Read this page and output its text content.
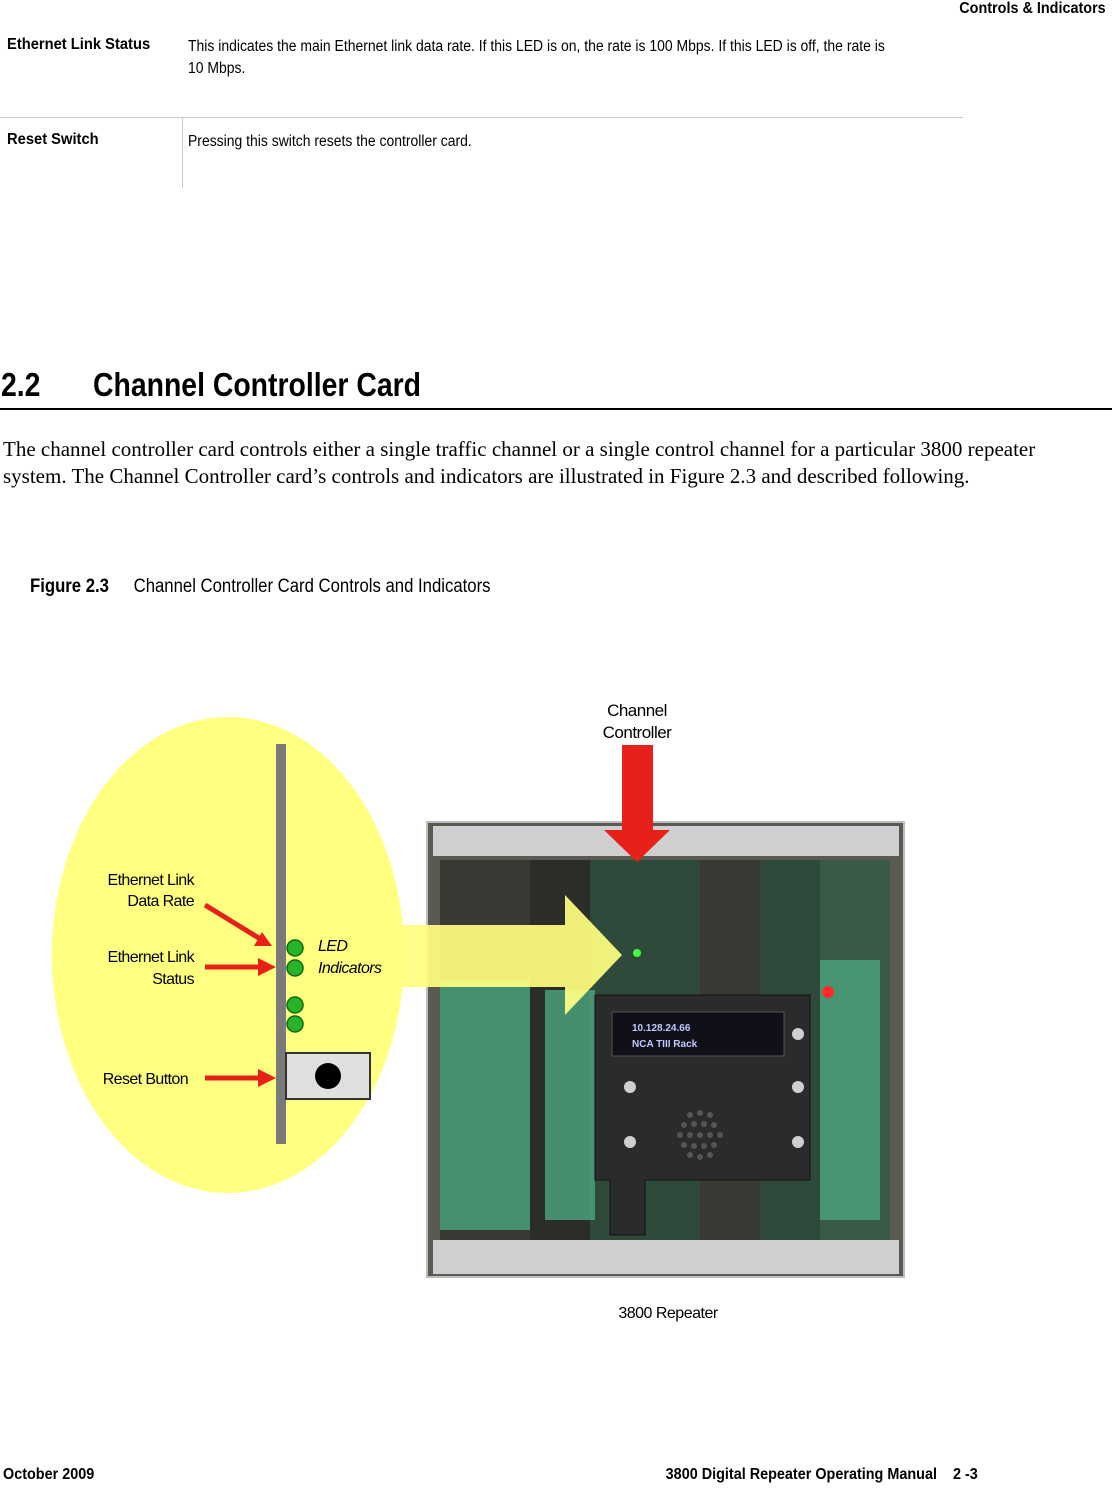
Controls & Indicators
Ethernet Link Status This indicates the main Ethernet link data rate. If this LED is on, the rate is 100 Mbps. If this LED is off, the rate is 10 Mbps.
Reset Switch	Pressing this switch resets the controller card.
2.2 Channel Controller Card

The channel controller card controls either a single traffic channel or a single control channel for a particular 3800 repeater system. The Channel Controller card’s controls and indicators are illustrated in Figure 2.3 and described following.

Figure 2.3 Channel Controller Card Controls and Indicators
Ethernet Link
Data Rate
Ethernet Link
Status
Reset Button
LED
Indicators
10.128.24.66
NCA TIII Rack
Channel
Controller
3800 Repeater
October 2009	3800 Digital Repeater Operating Manual    2 -3
